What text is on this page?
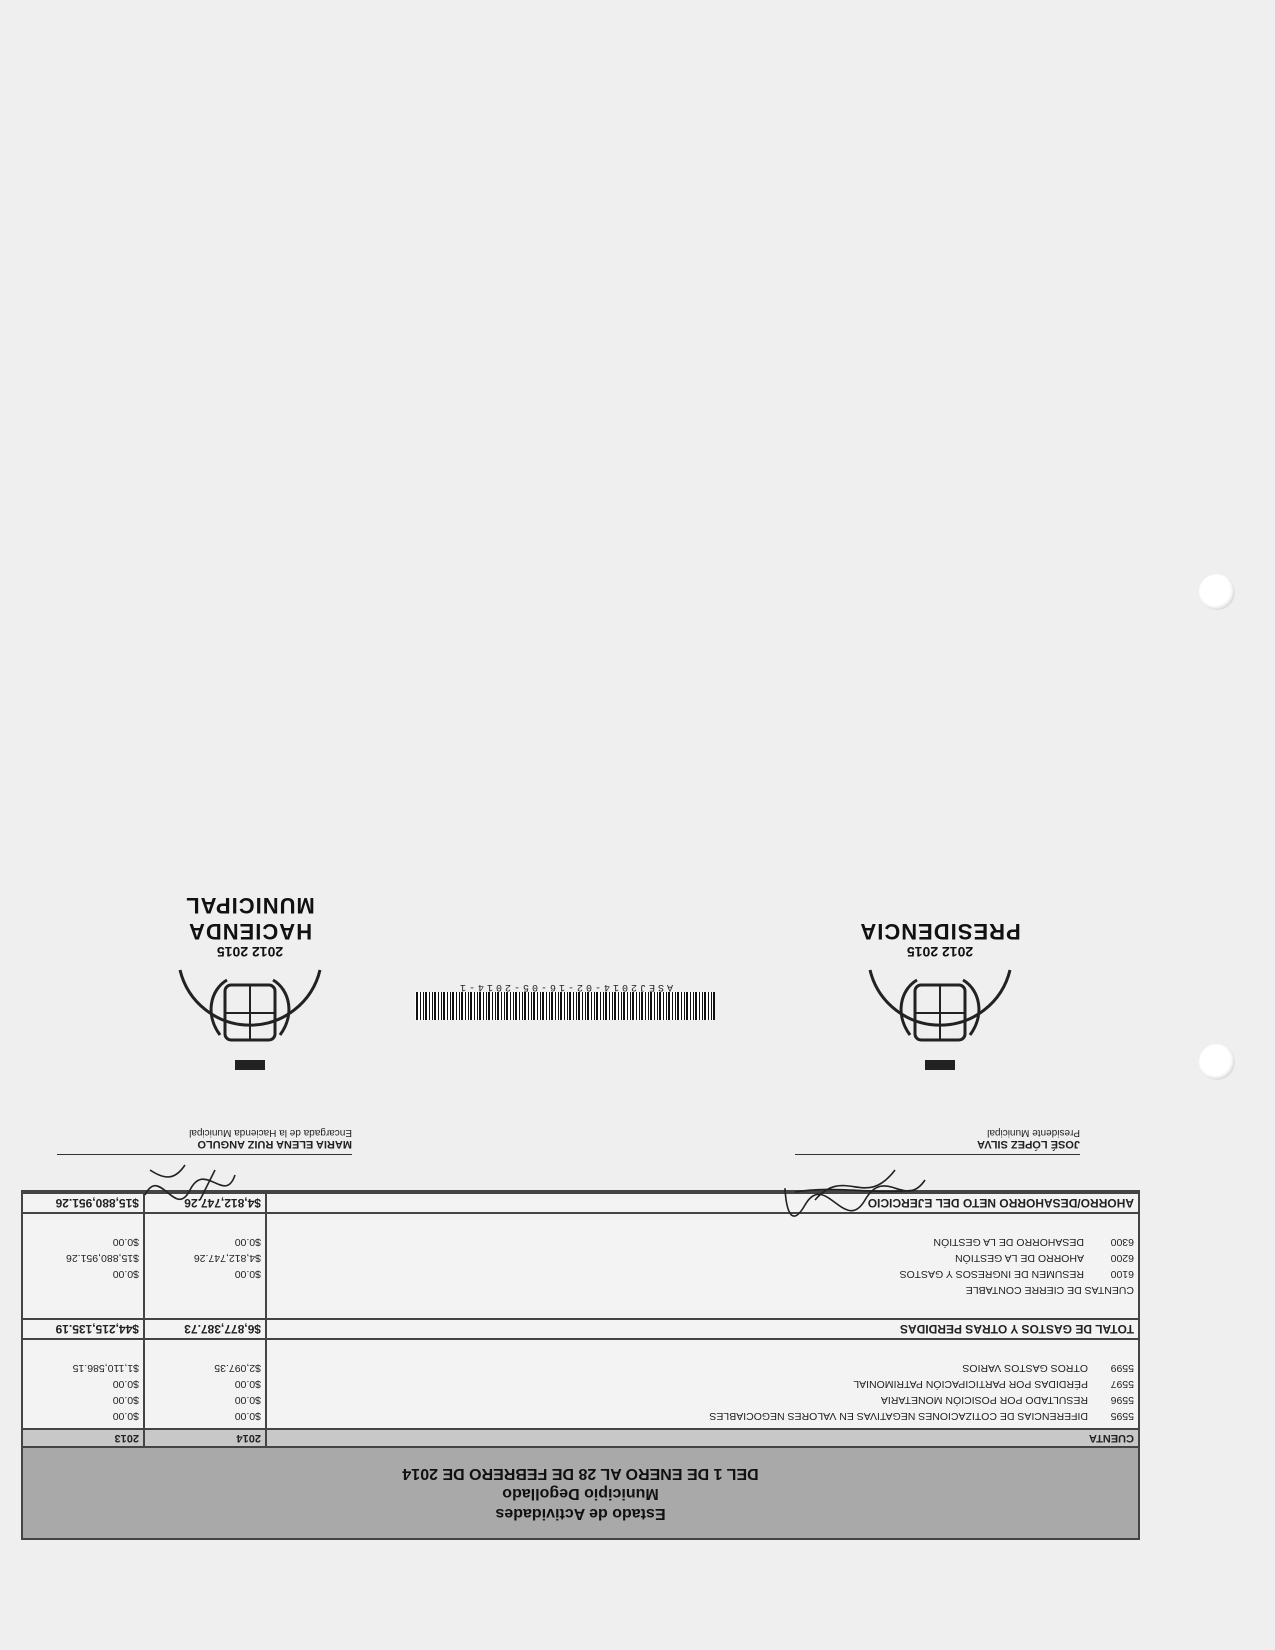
Estado de Actividades
Municipio Degollado
DEL 1 DE ENERO AL 28 DE FEBRERO DE 2014
CUENTA		2014	2013
5595	DIFERENCIAS DE COTIZACIONES NEGATIVAS EN VALORES NEGOCIABLES	$0.00	$0.00
5596	RESULTADO POR POSICIÓN MONETARIA	$0.00	$0.00
5597	PÉRDIDAS POR PARTICIPACIÓN PATRIMONIAL	$0.00	$0.00
5599	OTROS GASTOS VARIOS	$2,097.35	$1,110,586.15

TOTAL DE GASTOS Y OTRAS PERDIDAS		$6,877,387.73	$44,215,135.19

CUENTAS DE CIERRE CONTABLE			
6100	RESUMEN DE INGRESOS Y GASTOS	$0.00	$0.00
6200	AHORRO DE LA GESTIÓN	$4,812,747.26	$15,880,951.26
6300	DESAHORRO DE LA GESTIÓN	$0.00	$0.00

AHORRO/DESAHORRO NETO DEL EJERCICIO		$4,812,747.26	$15,880,951.26
JOSÉ LÓPEZ SILVA
Presidente Municipal
MARIA ELENA RUIZ ANGULO
Encargada de la Hacienda Municipal
2012 2015
PRESIDENCIA
2012 2015
HACIENDA MUNICIPAL
ASEJ2014-02-16-05-2014-1
